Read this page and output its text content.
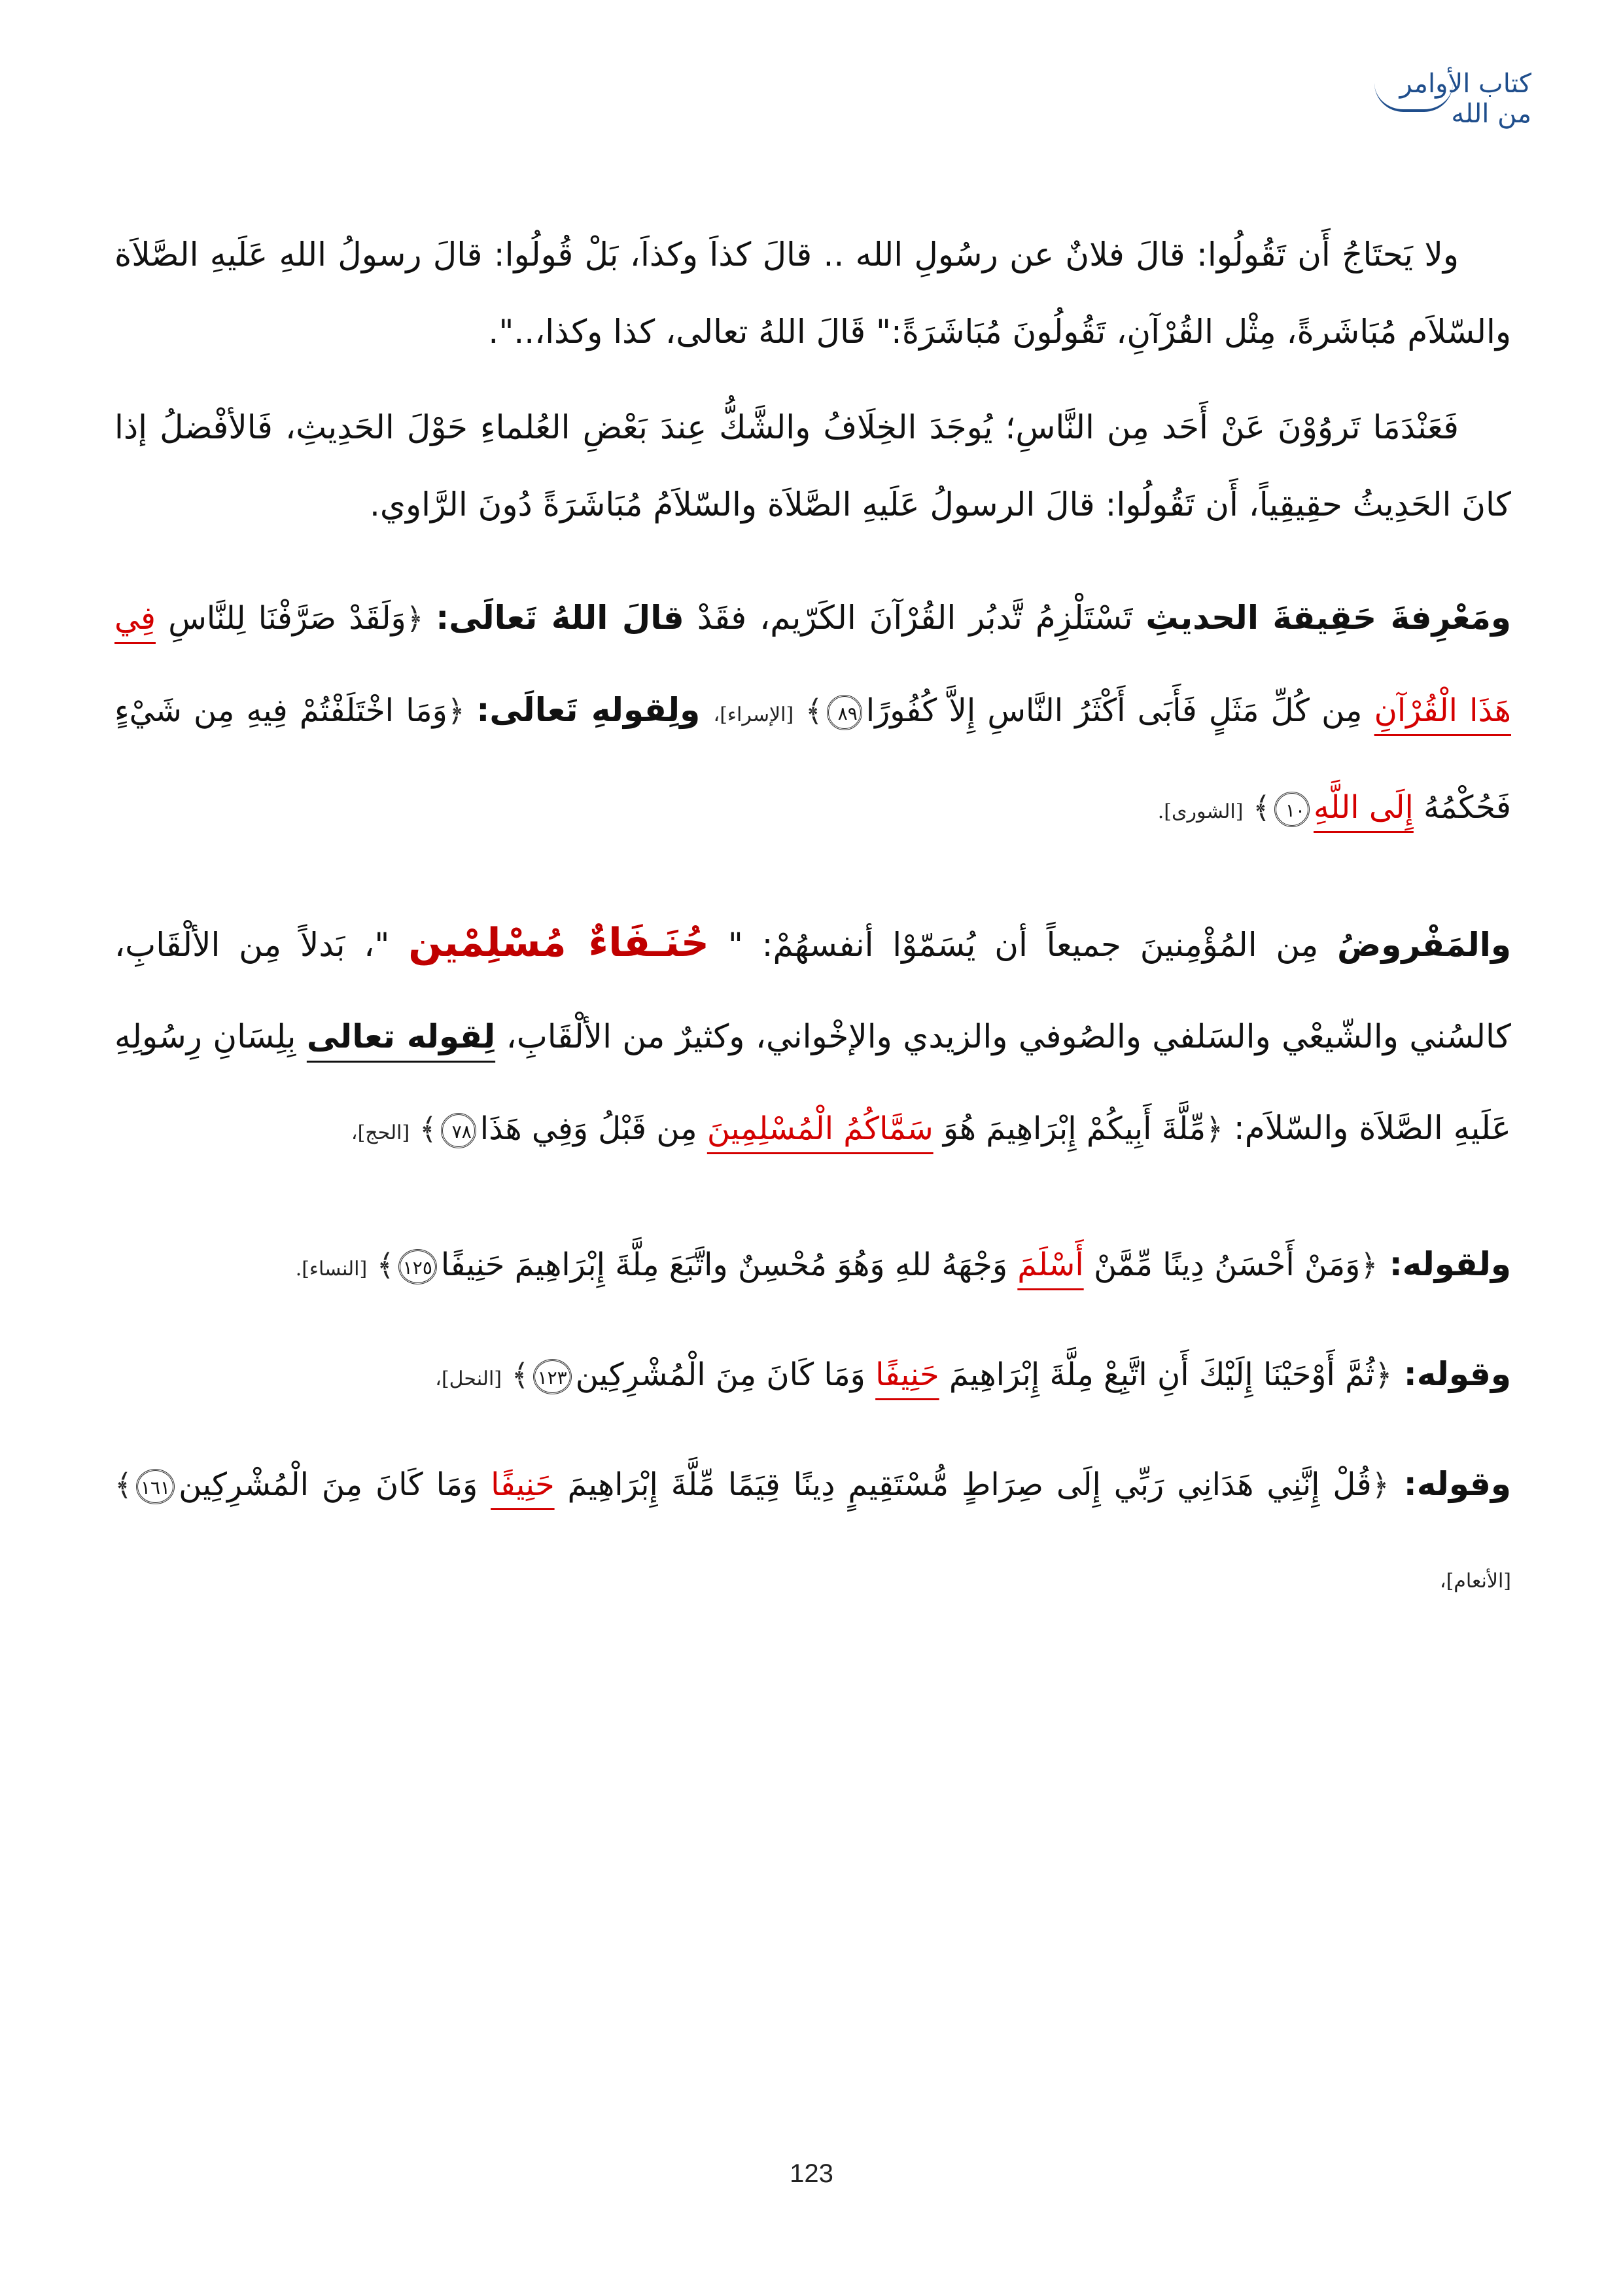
كتاب الأوامر من الله

ولا يَحتَاجُ أَن تَقُولُوا: قالَ فلانٌ عن رسُولِ الله .. قالَ كذاَ وكذاَ، بَلْ قُولُوا: قالَ رسولُ اللهِ عَلَيهِ الصَّلاَة والسّلاَم مُبَاشَرةً، مِثْل القُرْآنِ، تَقُولُونَ مُبَاشَرَةً:" قَالَ اللهُ تعالى، كذا وكذا،..".

فَعَنْدَمَا تَروُوْنَ عَنْ أَحَد مِن النَّاسِ؛ يُوجَدَ الخِلَافُ والشَّكُّ عِندَ بَعْضِ العُلماءِ حَوْلَ الحَدِيثِ، فَالأفْضلُ إذا كانَ الحَدِيثُ حقِيقِياً، أَن تَقُولُوا: قالَ الرسولُ عَلَيهِ الصَّلاَة والسّلاَمُ مُبَاشَرَةً دُونَ الرَّاوي.

ومَعْرِفةَ حَقِيقةَ الحديثِ تَسْتَلْزِمُ تَّدبُر القُرْآنَ الكَرّيم، فقَدْ قالَ اللهُ تَعالَى: ﴿وَلَقَدْ صَرَّفْنَا لِلنَّاسِ فِي هَذَا الْقُرْآنِ مِن كُلِّ مَثَلٍ فَأَبَى أَكْثَرُ النَّاسِ إِلاَّ كُفُورًا٨٩﴾ [الإسراء]، ولِقولهِ تَعالَى: ﴿وَمَا اخْتَلَفْتُمْ فِيهِ مِن شَيْءٍ فَحُكْمُهُ إِلَى اللَّهِ١٠﴾ [الشورى].

والمَفْروضُ مِن المُؤْمِنينَ جميعاً أن يُسَمّوْا أنفسهُمْ: " حُنَـفَاءٌ مُسْلِمْين "، بَدلاً مِن الألْقَابِ، كالسُني والشّيعْي والسَلفي والصُوفي والزيدي والإخْواني، وكثيرٌ من الألْقَابِ، لِقوله تعالى بِلِسَانِ رِسُولِهِ عَلَيهِ الصَّلاَة والسّلاَم: ﴿مِّلَّةَ أَبِيكُمْ إِبْرَاهِيمَ هُوَ سَمَّاكُمُ الْمُسْلِمِينَ مِن قَبْلُ وَفِي هَذَا٧٨﴾ [الحج]،

ولقوله: ﴿وَمَنْ أَحْسَنُ دِينًا مِّمَّنْ أَسْلَمَ وَجْهَهُ للهِ وَهُوَ مُحْسِنٌ واتَّبَعَ مِلَّةَ إِبْرَاهِيمَ حَنِيفًا١٢٥﴾ [النساء].

وقوله: ﴿ثُمَّ أَوْحَيْنَا إِلَيْكَ أَنِ اتَّبِعْ مِلَّةَ إِبْرَاهِيمَ حَنِيفًا وَمَا كَانَ مِنَ الْمُشْرِكِين١٢٣﴾ [النحل]،

وقوله: ﴿قُلْ إِنَّنِي هَدَانِي رَبِّي إِلَى صِرَاطٍ مُّسْتَقِيمٍ دِينًا قِيَمًا مِّلَّةَ إِبْرَاهِيمَ حَنِيفًا وَمَا كَانَ مِنَ الْمُشْرِكِين١٦١﴾ [الأنعام]،

123
